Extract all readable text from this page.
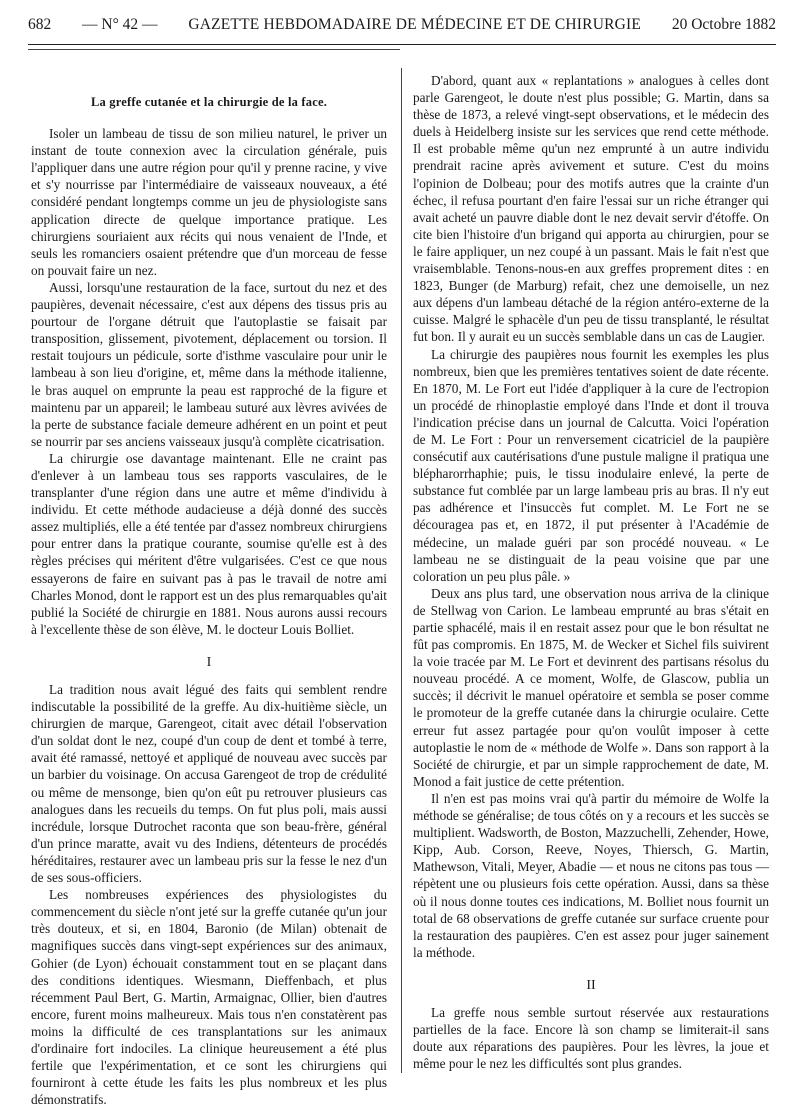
682 — N° 42 — GAZETTE HEBDOMADAIRE DE MÉDECINE ET DE CHIRURGIE 20 Octobre 1882
La greffe cutanée et la chirurgie de la face.

Isoler un lambeau de tissu de son milieu naturel, le priver un instant de toute connexion avec la circulation générale, puis l'appliquer dans une autre région pour qu'il y prenne racine, y vive et s'y nourrisse par l'intermédiaire de vaisseaux nouveaux, a été considéré pendant longtemps comme un jeu de physiologiste sans application directe de quelque importance pratique. Les chirurgiens souriaient aux récits qui nous venaient de l'Inde, et seuls les romanciers osaient prétendre que d'un morceau de fesse on pouvait faire un nez.

Aussi, lorsqu'une restauration de la face, surtout du nez et des paupières, devenait nécessaire, c'est aux dépens des tissus pris au pourtour de l'organe détruit que l'autoplastie se faisait par transposition, glissement, pivotement, déplacement ou torsion. Il restait toujours un pédicule, sorte d'isthme vasculaire pour unir le lambeau à son lieu d'origine, et, même dans la méthode italienne, le bras auquel on emprunte la peau est rapproché de la figure et maintenu par un appareil; le lambeau suturé aux lèvres avivées de la perte de substance faciale demeure adhérent en un point et peut se nourrir par ses anciens vaisseaux jusqu'à complète cicatrisation.

La chirurgie ose davantage maintenant. Elle ne craint pas d'enlever à un lambeau tous ses rapports vasculaires, de le transplanter d'une région dans une autre et même d'individu à individu. Et cette méthode audacieuse a déjà donné des succès assez multipliés, elle a été tentée par d'assez nombreux chirurgiens pour entrer dans la pratique courante, soumise qu'elle est à des règles précises qui méritent d'être vulgarisées. C'est ce que nous essayerons de faire en suivant pas à pas le travail de notre ami Charles Monod, dont le rapport est un des plus remarquables qu'ait publié la Société de chirurgie en 1881. Nous aurons aussi recours à l'excellente thèse de son élève, M. le docteur Louis Bolliet.

I

La tradition nous avait légué des faits qui semblent rendre indiscutable la possibilité de la greffe. Au dix-huitième siècle, un chirurgien de marque, Garengeot, citait avec détail l'observation d'un soldat dont le nez, coupé d'un coup de dent et tombé à terre, avait été ramassé, nettoyé et appliqué de nouveau avec succès par un barbier du voisinage. On accusa Garengeot de trop de crédulité ou même de mensonge, bien qu'on eût pu retrouver plusieurs cas analogues dans les recueils du temps. On fut plus poli, mais aussi incrédule, lorsque Dutrochet raconta que son beau-frère, général d'un prince maratte, avait vu des Indiens, détenteurs de procédés héréditaires, restaurer avec un lambeau pris sur la fesse le nez d'un de ses sous-officiers.

Les nombreuses expériences des physiologistes du commencement du siècle n'ont jeté sur la greffe cutanée qu'un jour très douteux, et si, en 1804, Baronio (de Milan) obtenait de magnifiques succès dans vingt-sept expériences sur des animaux, Gohier (de Lyon) échouait constamment tout en se plaçant dans des conditions identiques. Wiesmann, Dieffenbach, et plus récemment Paul Bert, G. Martin, Armaignac, Ollier, bien d'autres encore, furent moins malheureux. Mais tous n'en constatèrent pas moins la difficulté de ces transplantations sur les animaux d'ordinaire fort indociles. La clinique heureusement a été plus fertile que l'expérimentation, et ce sont les chirurgiens qui fourniront à cette étude les faits les plus nombreux et les plus démonstratifs.

D'abord, quant aux « replantations » analogues à celles dont parle Garengeot, le doute n'est plus possible; G. Martin, dans sa thèse de 1873, a relevé vingt-sept observations, et le médecin des duels à Heidelberg insiste sur les services que rend cette méthode. Il est probable même qu'un nez emprunté à un autre individu prendrait racine après avivement et suture. C'est du moins l'opinion de Dolbeau; pour des motifs autres que la crainte d'un échec, il refusa pourtant d'en faire l'essai sur un riche étranger qui avait acheté un pauvre diable dont le nez devait servir d'étoffe. On cite bien l'histoire d'un brigand qui apporta au chirurgien, pour se le faire appliquer, un nez coupé à un passant. Mais le fait n'est que vraisemblable. Tenons-nous-en aux greffes proprement dites : en 1823, Bunger (de Marburg) refait, chez une demoiselle, un nez aux dépens d'un lambeau détaché de la région antéro-externe de la cuisse. Malgré le sphacèle d'un peu de tissu transplanté, le résultat fut bon. Il y aurait eu un succès semblable dans un cas de Laugier.

La chirurgie des paupières nous fournit les exemples les plus nombreux, bien que les premières tentatives soient de date récente. En 1870, M. Le Fort eut l'idée d'appliquer à la cure de l'ectropion un procédé de rhinoplastie employé dans l'Inde et dont il trouva l'indication précise dans un journal de Calcutta. Voici l'opération de M. Le Fort : Pour un renversement cicatriciel de la paupière consécutif aux cautérisations d'une pustule maligne il pratiqua une blépharorrhaphie; puis, le tissu inodulaire enlevé, la perte de substance fut comblée par un large lambeau pris au bras. Il n'y eut pas adhérence et l'insuccès fut complet. M. Le Fort ne se découragea pas et, en 1872, il put présenter à l'Académie de médecine, un malade guéri par son procédé nouveau. « Le lambeau ne se distinguait de la peau voisine que par une coloration un peu plus pâle. »

Deux ans plus tard, une observation nous arriva de la clinique de Stellwag von Carion. Le lambeau emprunté au bras s'était en partie sphacélé, mais il en restait assez pour que le bon résultat ne fût pas compromis. En 1875, M. de Wecker et Sichel fils suivirent la voie tracée par M. Le Fort et devinrent des partisans résolus du nouveau procédé. A ce moment, Wolfe, de Glascow, publia un succès; il décrivit le manuel opératoire et sembla se poser comme le promoteur de la greffe cutanée dans la chirurgie oculaire. Cette erreur fut assez partagée pour qu'on voulût imposer à cette autoplastie le nom de « méthode de Wolfe ». Dans son rapport à la Société de chirurgie, et par un simple rapprochement de date, M. Monod a fait justice de cette prétention.

Il n'en est pas moins vrai qu'à partir du mémoire de Wolfe la méthode se généralise; de tous côtés on y a recours et les succès se multiplient. Wadsworth, de Boston, Mazzuchelli, Zehender, Howe, Kipp, Aub. Corson, Reeve, Noyes, Thiersch, G. Martin, Mathewson, Vitali, Meyer, Abadie — et nous ne citons pas tous — répètent une ou plusieurs fois cette opération. Aussi, dans sa thèse où il nous donne toutes ces indications, M. Bolliet nous fournit un total de 68 observations de greffe cutanée sur surface cruente pour la restauration des paupières. C'en est assez pour juger sainement la méthode.

II

La greffe nous semble surtout réservée aux restaurations partielles de la face. Encore là son champ se limiterait-il sans doute aux réparations des paupières. Pour les lèvres, la joue et même pour le nez les difficultés sont plus grandes.
